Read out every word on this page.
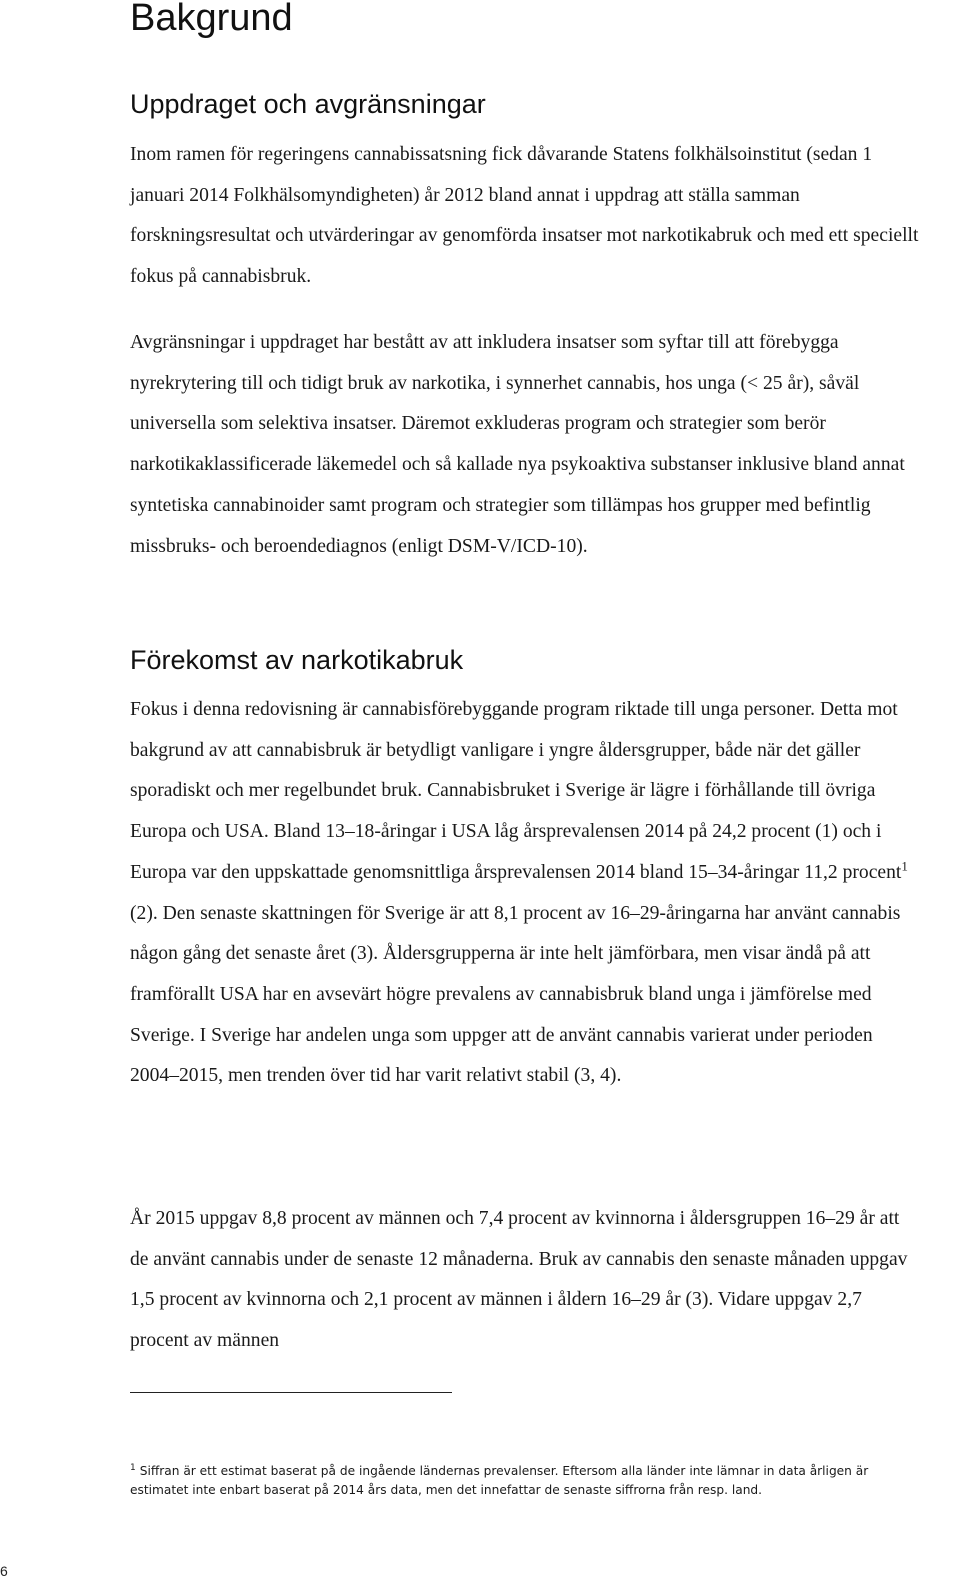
Bakgrund
Uppdraget och avgränsningar

Inom ramen för regeringens cannabissatsning fick dåvarande Statens folkhälsoinstitut (sedan 1 januari 2014 Folkhälsomyndigheten) år 2012 bland annat i uppdrag att ställa samman forskningsresultat och utvärderingar av genomförda insatser mot narkotikabruk och med ett speciellt fokus på cannabisbruk.

Avgränsningar i uppdraget har bestått av att inkludera insatser som syftar till att förebygga nyrekrytering till och tidigt bruk av narkotika, i synnerhet cannabis, hos unga (< 25 år), såväl universella som selektiva insatser. Däremot exkluderas program och strategier som berör narkotikaklassificerade läkemedel och så kallade nya psykoaktiva substanser inklusive bland annat syntetiska cannabinoider samt program och strategier som tillämpas hos grupper med befintlig missbruks- och beroendediagnos (enligt DSM-V/ICD-10).

Förekomst av narkotikabruk

Fokus i denna redovisning är cannabisförebyggande program riktade till unga personer. Detta mot bakgrund av att cannabisbruk är betydligt vanligare i yngre åldersgrupper, både när det gäller sporadiskt och mer regelbundet bruk. Cannabisbruket i Sverige är lägre i förhållande till övriga Europa och USA. Bland 13–18-åringar i USA låg årsprevalensen 2014 på 24,2 procent (1) och i Europa var den uppskattade genomsnittliga årsprevalensen 2014 bland 15–34-åringar 11,2 procent$^1$ (2). Den senaste skattningen för Sverige är att 8,1 procent av 16–29-åringarna har använt cannabis någon gång det senaste året (3). Åldersgrupperna är inte helt jämförbara, men visar ändå på att framförallt USA har en avsevärt högre prevalens av cannabisbruk bland unga i jämförelse med Sverige. I Sverige har andelen unga som uppger att de använt cannabis varierat under perioden 2004–2015, men trenden över tid har varit relativt stabil (3, 4).

År 2015 uppgav 8,8 procent av männen och 7,4 procent av kvinnorna i åldersgruppen 16–29 år att de använt cannabis under de senaste 12 månaderna. Bruk av cannabis den senaste månaden uppgav 1,5 procent av kvinnorna och 2,1 procent av männen i åldern 16–29 år (3). Vidare uppgav 2,7 procent av männen

$^1$ Siffran är ett estimat baserat på de ingående ländernas prevalenser. Eftersom alla länder inte lämnar in data årligen är estimatet inte enbart baserat på 2014 års data, men det innefattar de senaste siffrorna från resp. land.

6
